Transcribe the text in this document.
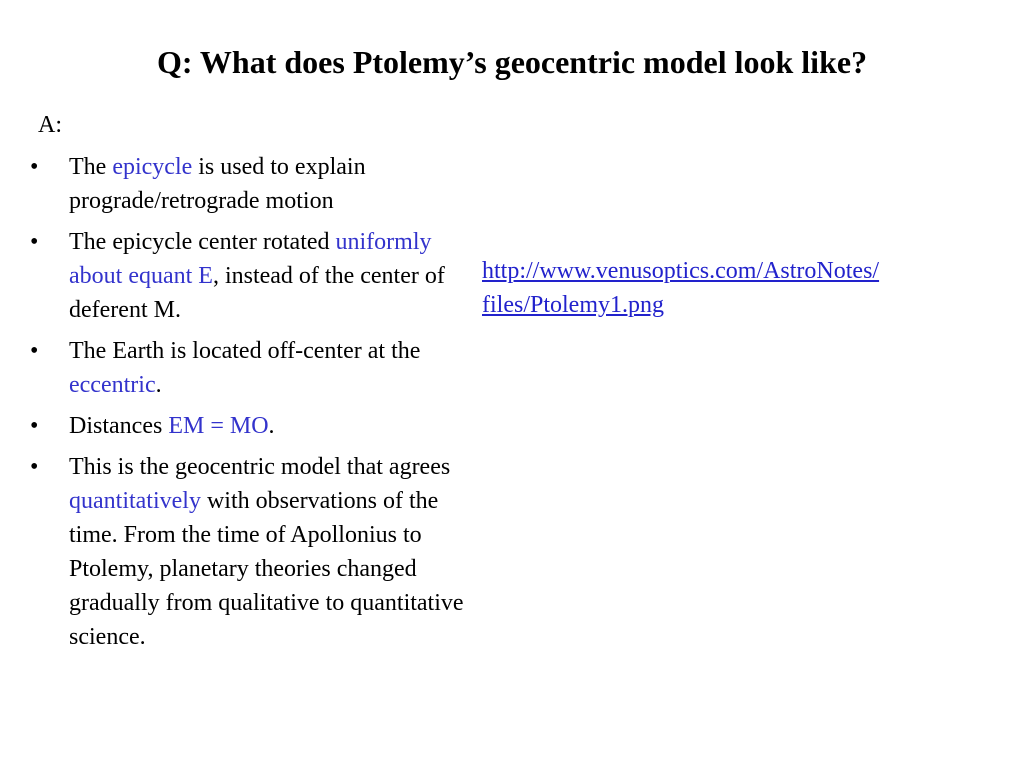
Q: What does Ptolemy’s geocentric model look like?
A:
• The epicycle is used to explain prograde/retrograde motion
• The epicycle center rotated uniformly about equant E, instead of the center of deferent M.
• The Earth is located off-center at the eccentric.
• Distances EM = MO.
• This is the geocentric model that agrees quantitatively with observations of the time. From the time of Apollonius to Ptolemy, planetary theories changed gradually from qualitative to quantitative science.
http://www.venusoptics.com/AstroNotes/
files/Ptolemy1.png
